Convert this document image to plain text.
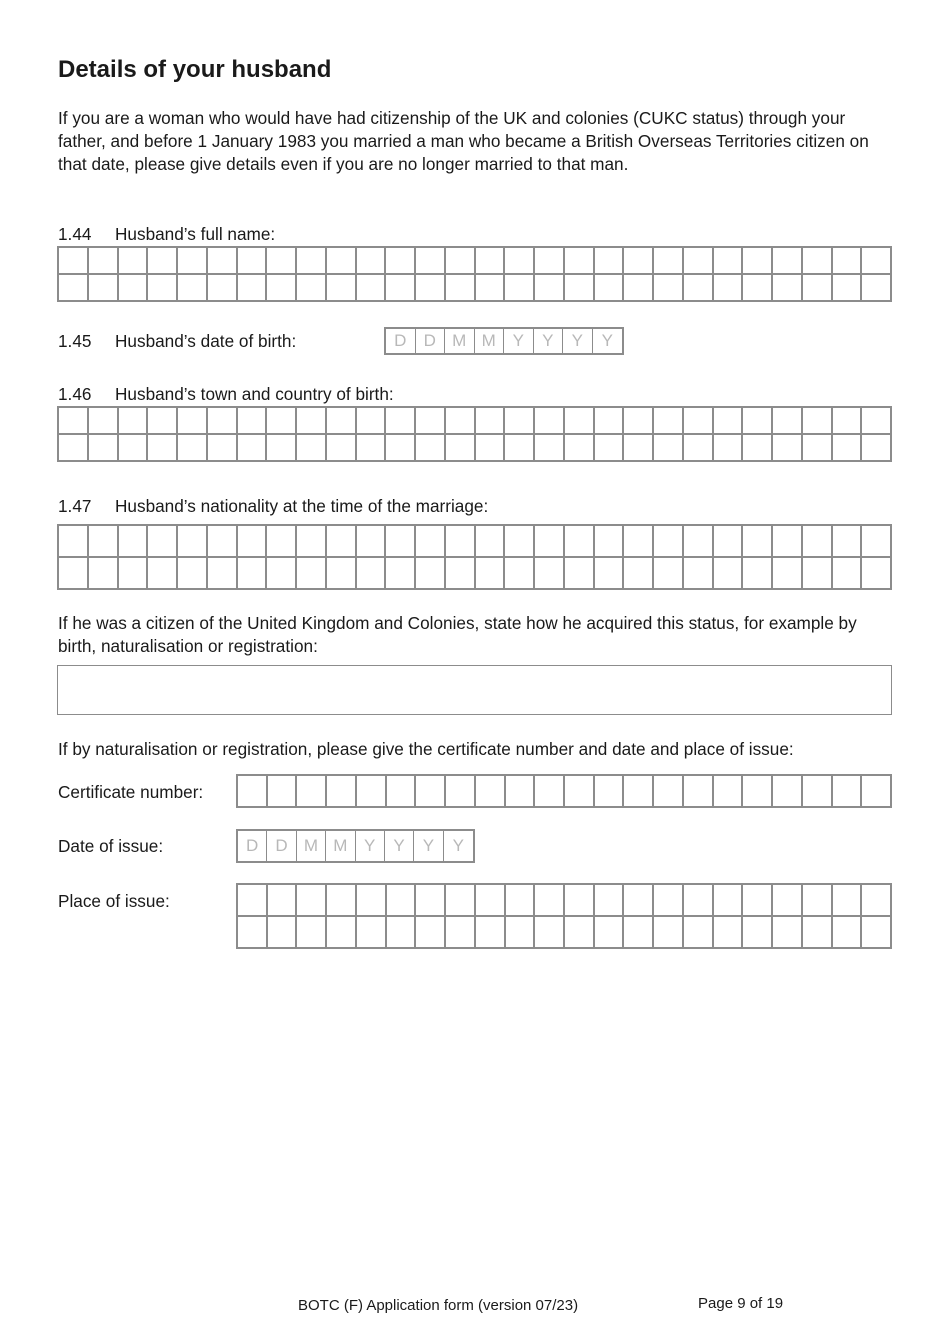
Details of your husband

If you are a woman who would have had citizenship of the UK and colonies (CUKC status) through your father, and before 1 January 1983 you married a man who became a British Overseas Territories citizen on that date, please give details even if you are no longer married to that man.

1.44 Husband’s full name:
1.45 Husband’s date of birth:	D	D M M Y	Y	Y	Y
1.46 Husband’s town and country of birth:
1.47 Husband’s nationality at the time of the marriage:

If he was a citizen of the United Kingdom and Colonies, state how he acquired this status, for example by birth, naturalisation or registration:

If by naturalisation or registration, please give the certificate number and date and place of issue:

Certificate number:
Date of issue:	D	D M M Y	Y	Y	Y
Place of issue:
BOTC (F) Application form (version 07/23)	Page 9 of 19
